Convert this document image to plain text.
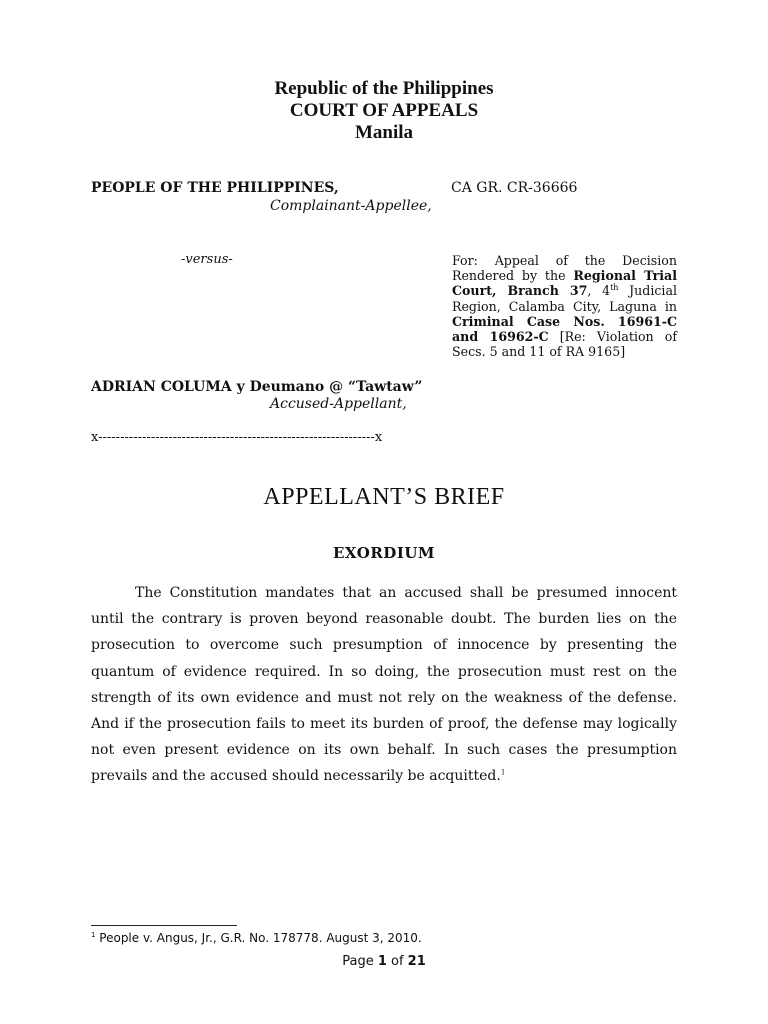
Republic of the Philippines
COURT OF APPEALS
Manila
PEOPLE OF THE PHILIPPINES,	CA GR. CR-36666
Complainant-Appellee,
-versus-	For: Appeal of the Decision Rendered by the Regional Trial Court, Branch 37, 4th Judicial Region, Calamba City, Laguna in Criminal Case Nos. 16961-C and 16962-C [Re: Violation of Secs. 5 and 11 of RA 9165]
ADRIAN COLUMA y Deumano @ “Tawtaw”
Accused-Appellant,
x---------------------------------------------------------------x
APPELLANT’S BRIEF
EXORDIUM
The Constitution mandates that an accused shall be presumed innocent until the contrary is proven beyond reasonable doubt. The burden lies on the prosecution to overcome such presumption of innocence by presenting the quantum of evidence required. In so doing, the prosecution must rest on the strength of its own evidence and must not rely on the weakness of the defense. And if the prosecution fails to meet its burden of proof, the defense may logically not even present evidence on its own behalf. In such cases the presumption prevails and the accused should necessarily be acquitted.$^1$
$^1$ People v. Angus, Jr., G.R. No. 178778. August 3, 2010.
Page 1 of 21
